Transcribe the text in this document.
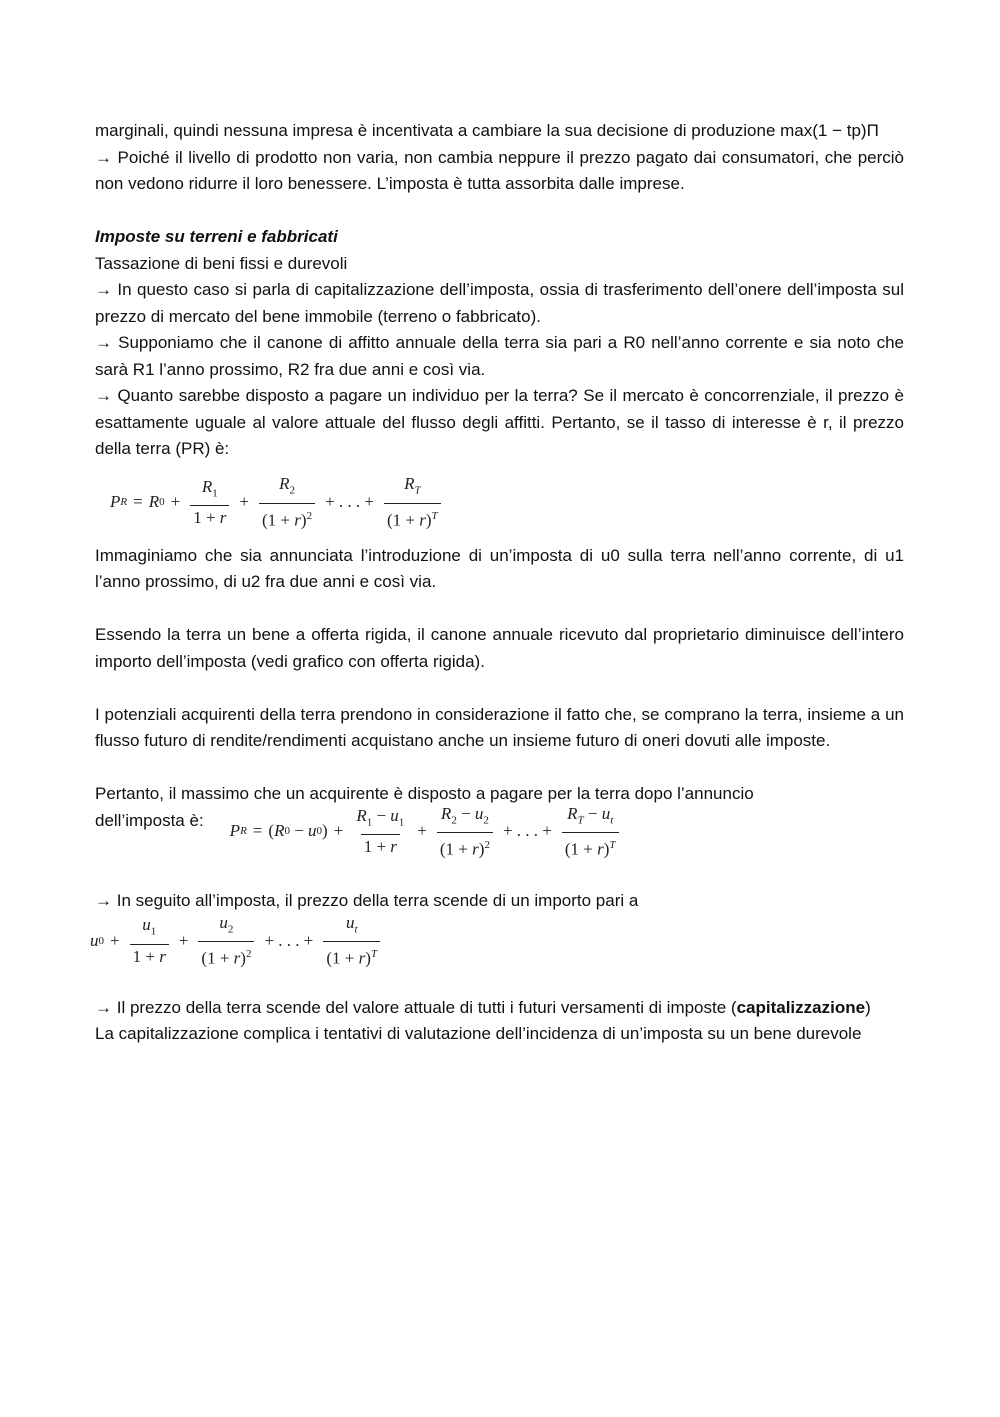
marginali, quindi nessuna impresa è incentivata a cambiare la sua decisione di produzione max(1 − tp)Π

→ Poiché il livello di prodotto non varia, non cambia neppure il prezzo pagato dai consumatori, che perciò non vedono ridurre il loro benessere. L’imposta è tutta assorbita dalle imprese.

Imposte su terreni e fabbricati

Tassazione di beni fissi e durevoli

→ In questo caso si parla di capitalizzazione dell’imposta, ossia di trasferimento dell’onere dell’imposta sul prezzo di mercato del bene immobile (terreno o fabbricato).

→ Supponiamo che il canone di affitto annuale della terra sia pari a R0 nell’anno corrente e sia noto che sarà R1 l’anno prossimo, R2 fra due anni e così via.

→ Quanto sarebbe disposto a pagare un individuo per la terra? Se il mercato è concorrenziale, il prezzo è esattamente uguale al valore attuale del flusso degli affitti. Pertanto, se il tasso di interesse è r, il prezzo della terra (PR) è:

P R = R $0 + \frac{R_1}{1 + r} + \frac{R_2}{(1 + r)^2}$ + . . . + $\frac{R_T}{(1 + r)^T}$

Immaginiamo che sia annunciata l’introduzione di un’imposta di u0 sulla terra nell’anno corrente, di u1 l’anno prossimo, di u2 fra due anni e così via.

Essendo la terra un bene a offerta rigida, il canone annuale ricevuto dal proprietario diminuisce dell’intero importo dell’imposta (vedi grafico con offerta rigida).

I potenziali acquirenti della terra prendono in considerazione il fatto che, se comprano la terra, insieme a un flusso futuro di rendite/rendimenti acquistano anche un insieme futuro di oneri dovuti alle imposte.

Pertanto, il massimo che un acquirente è disposto a pagare per la terra dopo l’annuncio

dell’imposta è:
P R = ( R 0 − u 0 ) + $\frac{R_1 - u_1}{1 + r} + \frac{R_2 - u_2}{(1 + r)^2}$ + . . . + $\frac{R_T - u_t}{(1 + r)^T}$

→ In seguito all’imposta, il prezzo della terra scende di un importo pari a

u $0 + \frac{u_1}{1 + r} + \frac{u_2}{(1 + r)^2}$ + . . . + $\frac{u_t}{(1 + r)^T}$

→ Il prezzo della terra scende del valore attuale di tutti i futuri versamenti di imposte (capitalizzazione)

La capitalizzazione complica i tentativi di valutazione dell’incidenza di un’imposta su un bene durevole
